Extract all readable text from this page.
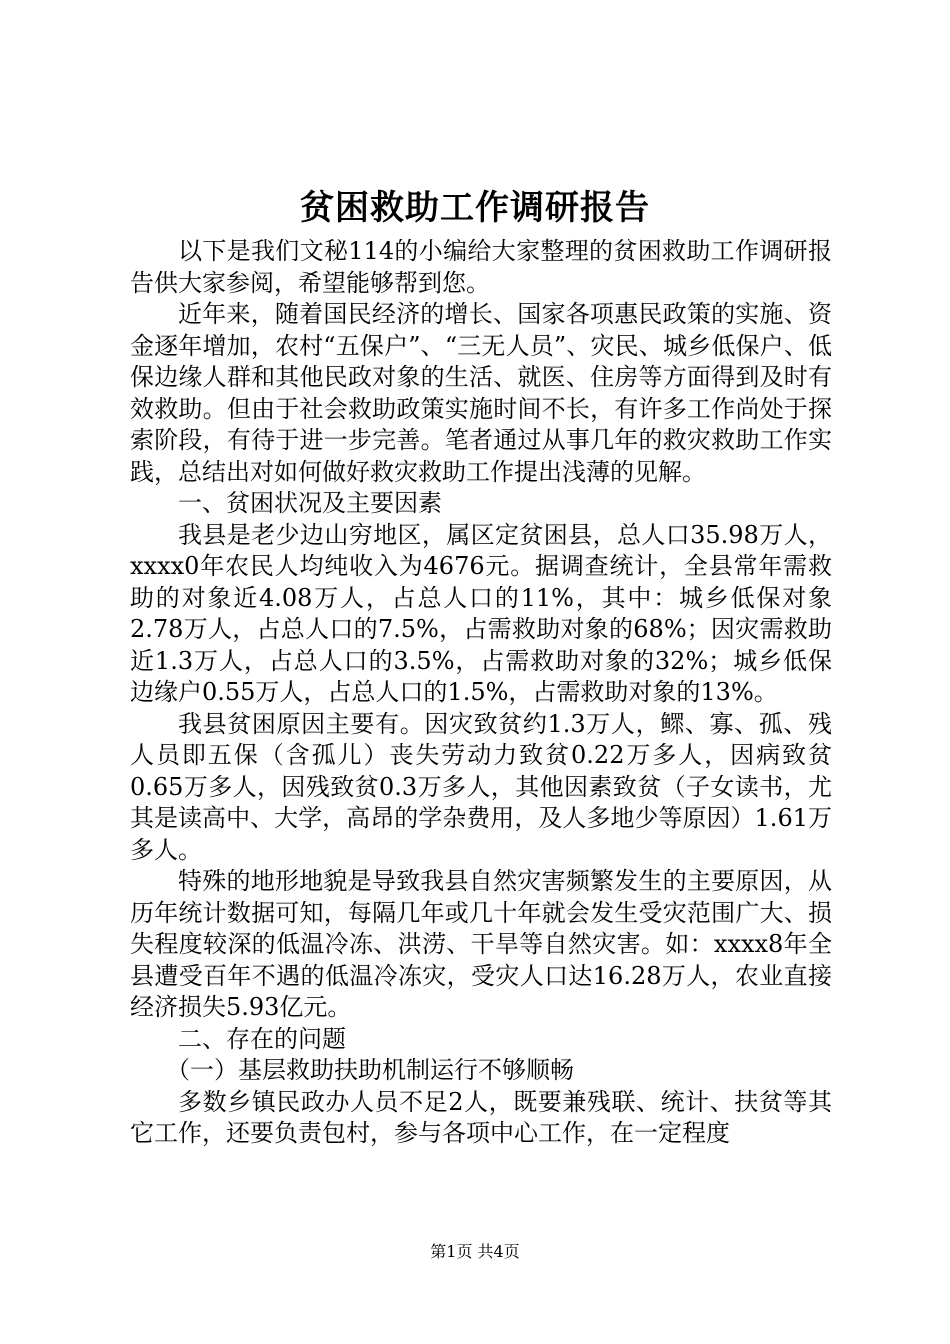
贫困救助工作调研报告

以下是我们文秘114的小编给大家整理的贫困救助工作调研报告供大家参阅，希望能够帮到您。

近年来，随着国民经济的增长、国家各项惠民政策的实施、资金逐年增加，农村“五保户”、“三无人员”、灾民、城乡低保户、低保边缘人群和其他民政对象的生活、就医、住房等方面得到及时有效救助。但由于社会救助政策实施时间不长，有许多工作尚处于探索阶段，有待于进一步完善。笔者通过从事几年的救灾救助工作实践，总结出对如何做好救灾救助工作提出浅薄的见解。

一、贫困状况及主要因素

我县是老少边山穷地区，属区定贫困县，总人口35.98万人，xxxx0年农民人均纯收入为4676元。据调查统计，全县常年需救助的对象近4.08万人，占总人口的11%，其中：城乡低保对象2.78万人，占总人口的7.5%，占需救助对象的68%；因灾需救助近1.3万人，占总人口的3.5%，占需救助对象的32%；城乡低保边缘户0.55万人，占总人口的1.5%，占需救助对象的13%。

我县贫困原因主要有。因灾致贫约1.3万人，鳏、寡、孤、残人员即五保（含孤儿）丧失劳动力致贫0.22万多人，因病致贫0.65万多人，因残致贫0.3万多人，其他因素致贫（子女读书，尤其是读高中、大学，高昂的学杂费用，及人多地少等原因）1.61万多人。

特殊的地形地貌是导致我县自然灾害频繁发生的主要原因，从历年统计数据可知，每隔几年或几十年就会发生受灾范围广大、损失程度较深的低温冷冻、洪涝、干旱等自然灾害。如：xxxx8年全县遭受百年不遇的低温冷冻灾，受灾人口达16.28万人，农业直接经济损失5.93亿元。

二、存在的问题

（一）基层救助扶助机制运行不够顺畅

多数乡镇民政办人员不足2人，既要兼残联、统计、扶贫等其它工作，还要负责包村，参与各项中心工作，在一定程度

第1页 共4页
